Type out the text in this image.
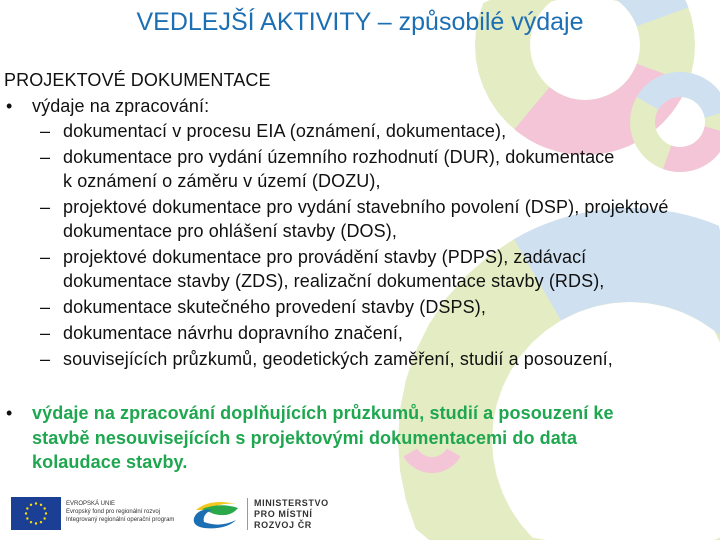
VEDLEJŠÍ AKTIVITY – způsobilé výdaje
PROJEKTOVÉ DOKUMENTACE
• výdaje na zpracování:
– dokumentací v procesu EIA (oznámení, dokumentace),
– dokumentace pro vydání územního rozhodnutí (DUR), dokumentace
k oznámení o záměru v území (DOZU),
– projektové dokumentace pro vydání stavebního povolení (DSP), projektové
dokumentace pro ohlášení stavby (DOS),
– projektové dokumentace pro provádění stavby (PDPS), zadávací
dokumentace stavby (ZDS), realizační dokumentace stavby (RDS),
– dokumentace skutečného provedení stavby (DSPS),
– dokumentace návrhu dopravního značení,
– souvisejících průzkumů, geodetických zaměření, studií a posouzení,
• výdaje na zpracování doplňujících průzkumů, studií a posouzení ke
stavbě nesouvisejících s projektovými dokumentacemi do data
kolaudace stavby.
EVROPSKÁ UNIE
Evropský fond pro regionální rozvoj
Integrovaný regionální operační program
MINISTERSTVO
PRO MÍSTNÍ
ROZVOJ ČR
